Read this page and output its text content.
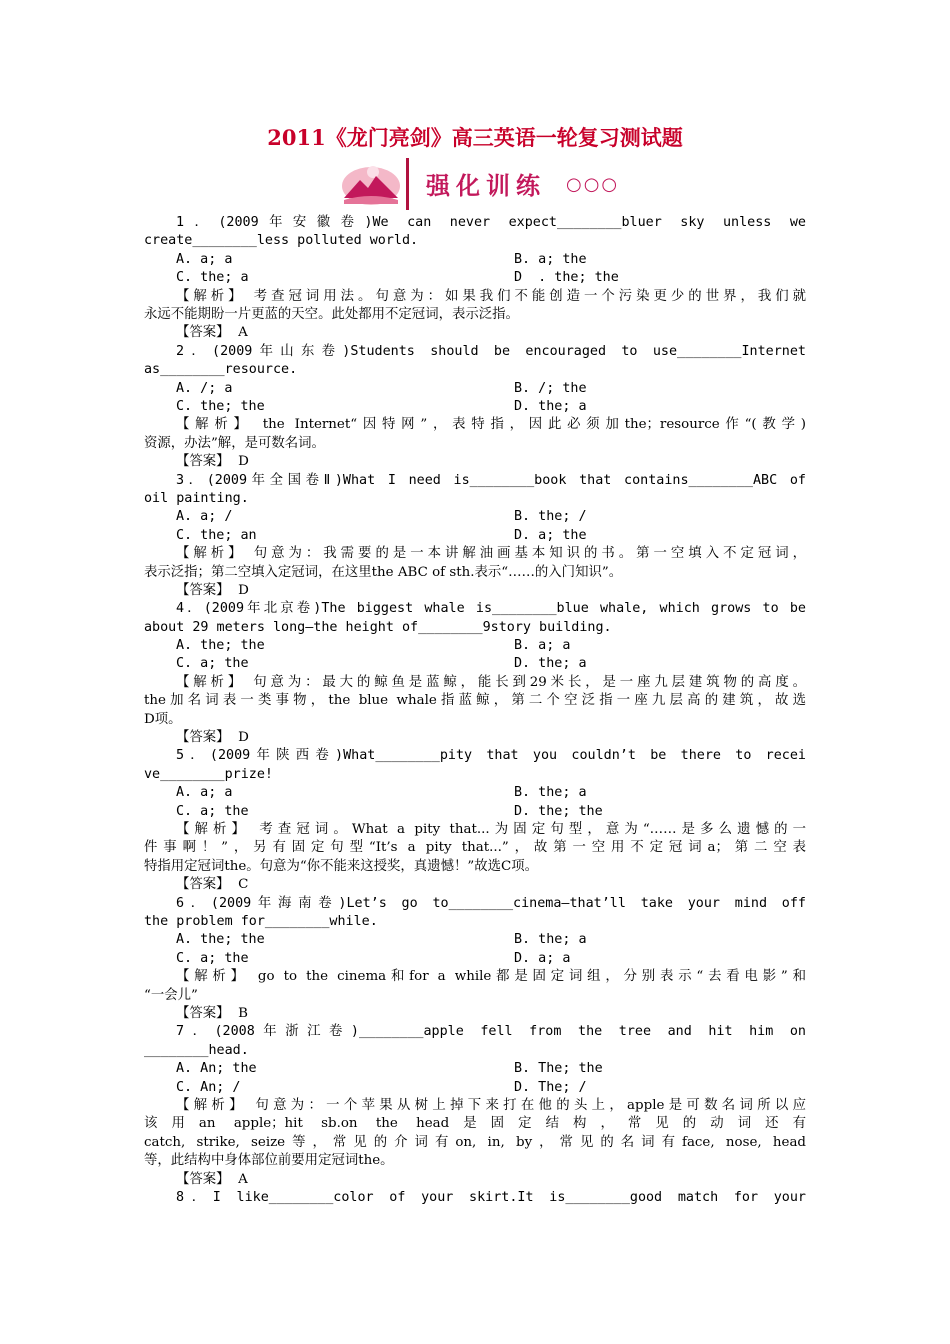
2011《龙门亮剑》高三英语一轮复习测试题
强化训练 ○○○
1．(2009年安徽卷)We can never expect________bluer sky unless we
create________less polluted world.
A. a; a	B. a; the
C. the; a	D  . the; the
【解析】 考查冠词用法。句意为：如果我们不能创造一个污染更少的世界，我们就
永远不能期盼一片更蓝的天空。此处都用不定冠词，表示泛指。
【答案】  A
2．(2009年山东卷)Students should be encouraged to use________Internet
as________resource.
A. /; a	B. /; the
C. the; the	D. the; a
【解析】 the Internet“因特网”，表特指，因此必须加the；resource作“(教学)
资源，办法”解，是可数名词。
【答案】  D
3．(2009年全国卷Ⅱ)What I need is________book that contains________ABC of
oil painting.
A. a; /	B. the; /
C. the; an	D. a; the
【解析】 句意为：我需要的是一本讲解油画基本知识的书。第一空填入不定冠词，
表示泛指；第二空填入定冠词，在这里the ABC of sth.表示“……的入门知识”。
【答案】  D
4．(2009年北京卷)The biggest whale is________blue whale, which grows to be
about 29 meters long—the height of________9story building.
A. the; the	B. a; a
C. a; the	D. the; a
【解析】 句意为：最大的鲸鱼是蓝鲸，能长到29米长，是一座九层建筑物的高度。
the加名词表一类事物，the blue whale指蓝鲸，第二个空泛指一座九层高的建筑，故选
D项。
【答案】  D
5．(2009年陕西卷)What________pity that you couldn’t be there to recei
ve________prize!
A. a; a	B. the; a
C. a; the	D. the; the
【解析】 考查冠词。What a pity that...为固定句型，意为“……是多么遗憾的一
件事啊！”，另有固定句型“It’s a pity that...”，故第一空用不定冠词a；第二空表
特指用定冠词the。句意为“你不能来这授奖，真遗憾！”故选C项。
【答案】  C
6．(2009年海南卷)Let’s go to________cinema—that’ll take your mind off
the problem for________while.
A. the; the	B. the; a
C. a; the	D. a; a
【解析】 go to the cinema和for a while都是固定词组，分别表示“去看电影”和
“一会儿”
【答案】  B
7．(2008年浙江卷)________apple fell from the tree and hit him on
________head.
A. An; the	B. The; the
C. An; /	D. The; /
【解析】 句意为：一个苹果从树上掉下来打在他的头上，apple是可数名词所以应
该用an apple；hit sb.on the head是固定结构，常见的动词还有
catch, strike, seize等，常见的介词有on, in, by，常见的名词有face, nose, head
等，此结构中身体部位前要用定冠词the。
【答案】  A
8．I like________color of your skirt.It is________good match for your
